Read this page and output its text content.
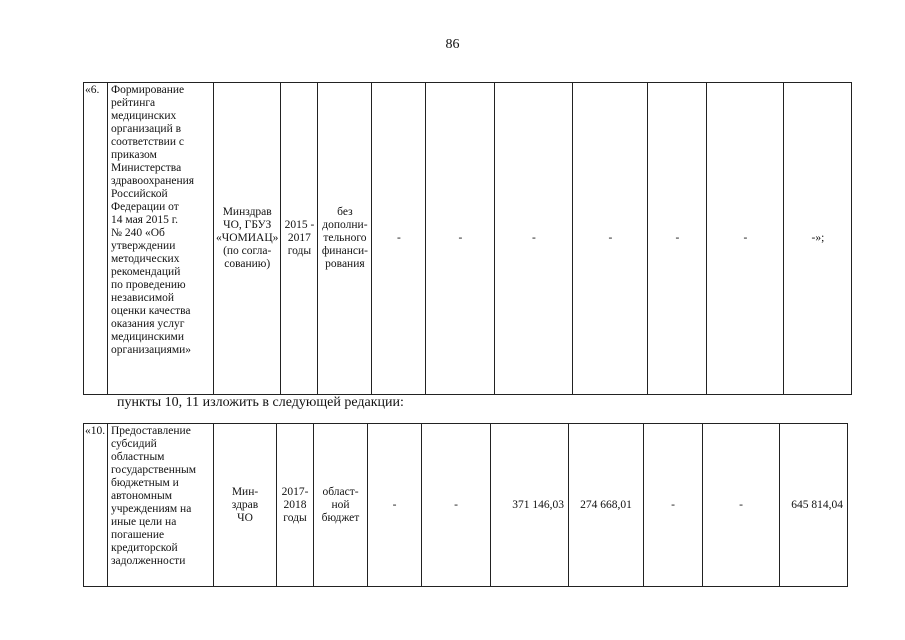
86
«6.	Формирование
рейтинга
медицинских
организаций в
соответствии с
приказом
Министерства
здравоохранения
Российской
Федерации от
14 мая 2015 г.
№ 240 «Об
утверждении
методических
рекомендаций
по проведению
независимой
оценки качества
оказания услуг
медицинскими
организациями»	Минздрав
ЧО, ГБУЗ
«ЧОМИАЦ»
(по согла-
сованию)	2015 -
2017
годы	без
дополни-
тельного
финанси-
рования	-	-	-	-	-	-	-»;
пункты 10, 11 изложить в следующей редакции:
«10.	Предоставление
субсидий
областным
государственным
бюджетным и
автономным
учреждениям на
иные цели на
погашение
кредиторской
задолженности	Мин-
здрав
ЧО	2017-
2018
годы	област-
ной
бюджет	-	-	371 146,03	274 668,01	-	-	645 814,04
